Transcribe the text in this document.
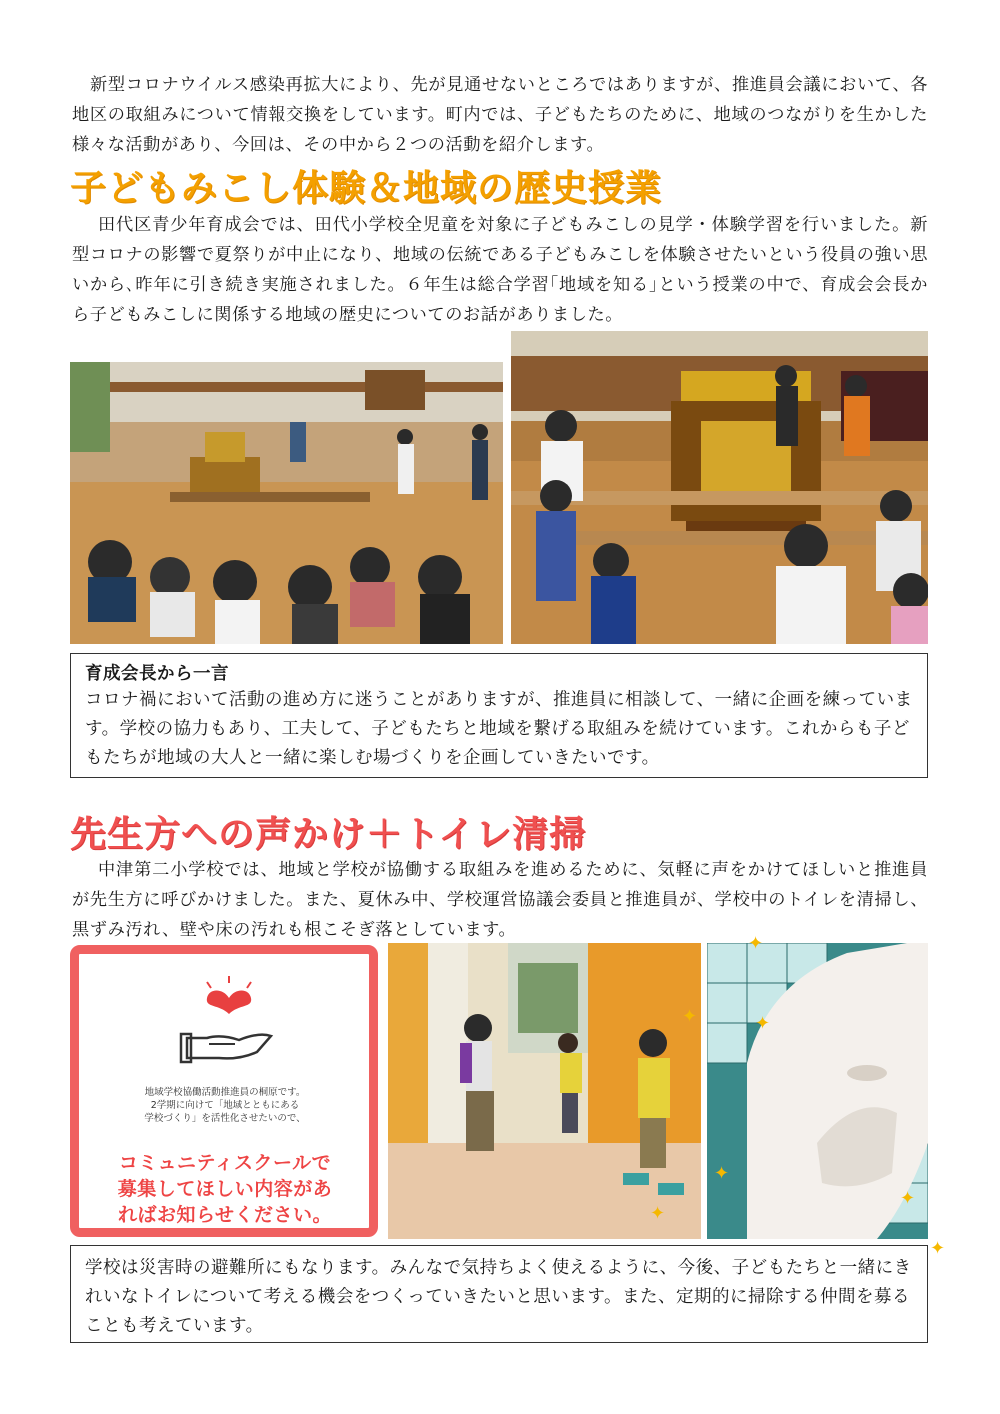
新型コロナウイルス感染再拡大により、先が見通せないところではありますが、推進員会議において、各地区の取組みについて情報交換をしています。町内では、子どもたちのために、地域のつながりを生かした様々な活動があり、今回は、その中から２つの活動を紹介します。
子どもみこし体験＆地域の歴史授業
田代区青少年育成会では、田代小学校全児童を対象に子どもみこしの見学・体験学習を行いました。新型コロナの影響で夏祭りが中止になり、地域の伝統である子どもみこしを体験させたいという役員の強い思いから､昨年に引き続き実施されました。６年生は総合学習｢地域を知る｣という授業の中で、育成会会長から子どもみこしに関係する地域の歴史についてのお話がありました。
育成会長から一言
コロナ禍において活動の進め方に迷うことがありますが、推進員に相談して、一緒に企画を練っています。学校の協力もあり、工夫して、子どもたちと地域を繋げる取組みを続けています。これからも子どもたちが地域の大人と一緒に楽しむ場づくりを企画していきたいです。
先生方への声かけ＋トイレ清掃
中津第二小学校では、地域と学校が協働する取組みを進めるために、気軽に声をかけてほしいと推進員が先生方に呼びかけました。また、夏休み中、学校運営協議会委員と推進員が、学校中のトイレを清掃し、黒ずみ汚れ、壁や床の汚れも根こそぎ落としています。
地域学校協働活動推進員の桐原です。
2学期に向けて「地域とともにある
学校づくり」を活性化させたいので、
コミュニティスクールで
募集してほしい内容があ
ればお知らせください。
✦
✦	✦
✦
✦
✦
✦
学校は災害時の避難所にもなります。みんなで気持ちよく使えるように、今後、子どもたちと一緒にきれいなトイレについて考える機会をつくっていきたいと思います。また、定期的に掃除する仲間を募ることも考えています。
